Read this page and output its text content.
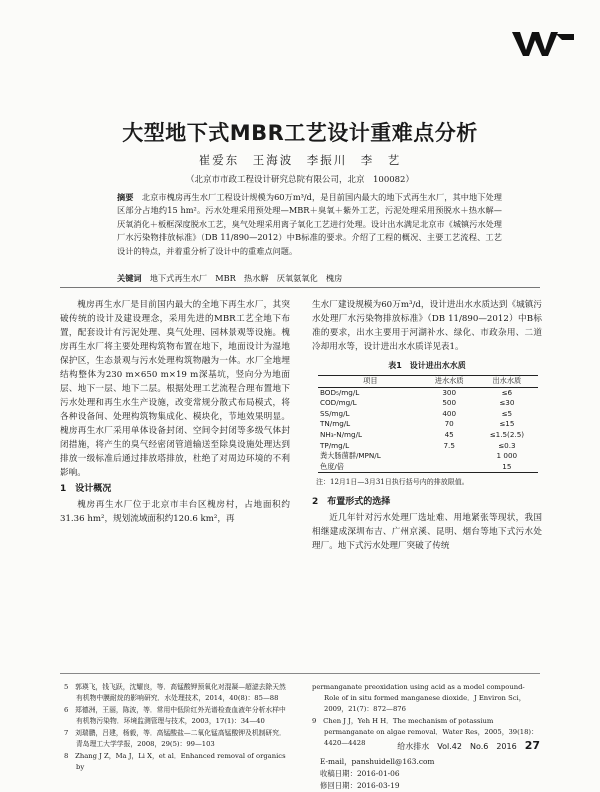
大型地下式MBR工艺设计重难点分析
崔爱东　王海波　李振川　李　艺
（北京市市政工程设计研究总院有限公司，北京　100082）
摘要　 北京市槐房再生水厂工程设计规模为60万m³/d，是目前国内最大的地下式再生水厂，其中地下处理区部分占地约15 hm²。污水处理采用预处理—MBR＋臭氧＋紫外工艺，污泥处理采用预脱水＋热水解—厌氧消化＋板框深度脱水工艺，臭气处理采用离子氧化工艺进行处理。设计出水满足北京市《城镇污水处理厂水污染物排放标准》（DB 11/890—2012）中B标准的要求。介绍了工程的概况、主要工艺流程、工艺设计的特点，并着重分析了设计中的重难点问题。
关键词　 地下式再生水厂　MBR　热水解　厌氧氨氧化　槐房

槐房再生水厂是目前国内最大的全地下再生水厂，其突破传统的设计及建设理念，采用先进的MBR工艺全地下布置，配套设计有污泥处理、臭气处理、园林景观等设施。槐房再生水厂将主要处理构筑物布置在地下，地面设计为湿地保护区，生态景观与污水处理构筑物融为一体。水厂全地埋结构整体为230 m×650 m×19 m深基坑，竖向分为地面层、地下一层、地下二层。根据处理工艺流程合理布置地下污水处理和再生水生产设施，改变常规分散式布局模式，将各种设备间、处理构筑物集成化、模块化，节地效果明显。槐房再生水厂采用单体设备封闭、空间令封闭等多级气体封闭措施，将产生的臭气经密闭管道输送至除臭设施处理达到排放一级标准后通过排放塔排放，杜绝了对周边环境的不利影响。

1　设计概况

槐房再生水厂位于北京市丰台区槐房村，占地面积约31.36 hm²，规划流域面积约120.6 km²，再

生水厂建设规模为60万m³/d，设计进出水水质达到《城镇污水处理厂水污染物排放标准》（DB 11/890—2012）中B标准的要求，出水主要用于河湖补水、绿化、市政杂用、二道冷却用水等，设计进出水水质详见表1。

表1　设计进出水水质
项目	进水水质	出水水质
BOD₅/mg/L	300	≤6
COD/mg/L	500	≤30
SS/mg/L	400	≤5
TN/mg/L	70	≤15
NH₃-N/mg/L	45	≤1.5(2.5)
TP/mg/L	7.5	≤0.3
粪大肠菌群/MPN/L		1 000
色度/倍		15
注：12月1日—3月31日执行括号内的排放限值。
2　布置形式的选择

近几年针对污水处理厂选址难、用地紧张等现状，我国相继建成深圳布吉、广州京溪、昆明、烟台等地下式污水处理厂。地下式污水处理厂突破了传统

5　郭瑛飞，钱飞跃，沈耀良，等．高锰酸钾预氧化对混凝—超滤去除天然有机物中膜耐烷的影响研究．水处理技术，2014，40(8)：85—88
6　郑德洲，王丽，陈波，等．常用中低阶红外光谱检查血液年分析水样中有机物污染物．环境监测管理与技术，2003，17(1)：34—40
7　刘瑞鹏，吕建，杨毅，等．高锰酸盐—二氧化锰高锰酸钾及机制研究．青岛理工大学学报，2008，29(5)：99—103
8　Zhang J Z，Ma J，Li X，et al．Enhanced removal of organics by
permanganate preoxidation using acid as a model compound-Role of in situ formed manganese dioxide．J Environ Sci，2009，21(7)：872—876
9　Chen J J，Yeh H H．The mechanism of potassium permanganate on algae removal．Water Res，2005，39(18)：4420—4428
E-mail，panshuidell@163.com
收稿日期：2016-01-06
修回日期：2016-03-19
给水排水　Vol.42　No.6　2016 27
